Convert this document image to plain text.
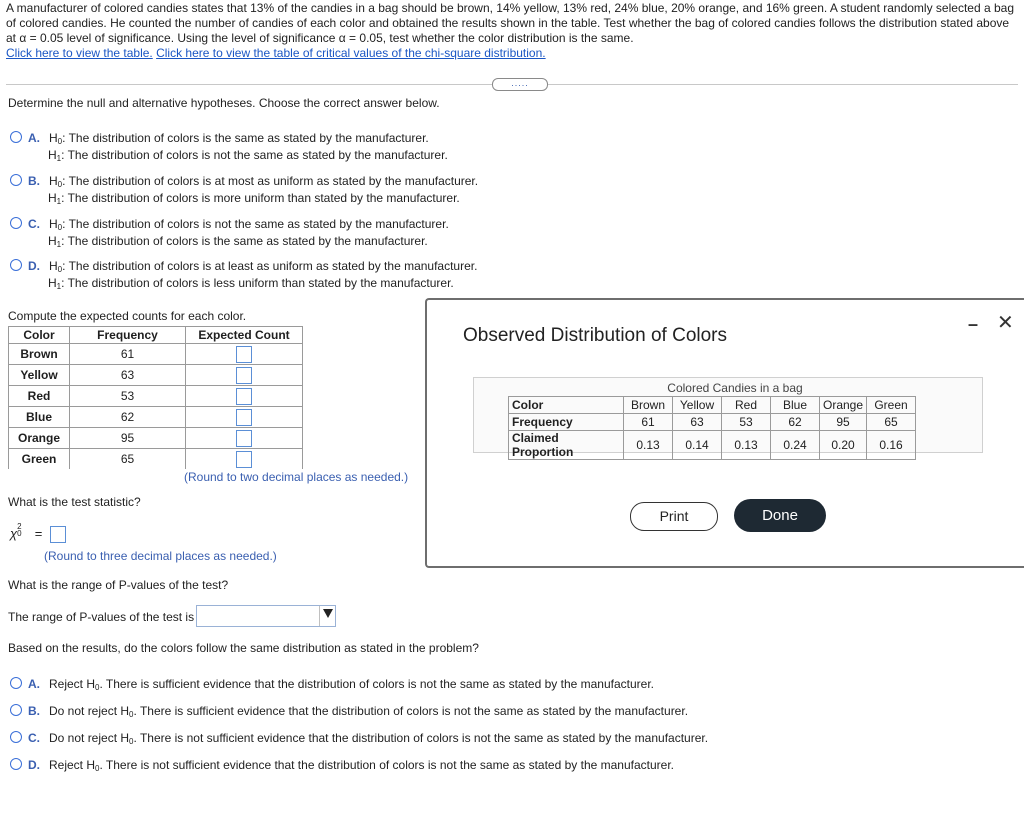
A manufacturer of colored candies states that 13% of the candies in a bag should be brown, 14% yellow, 13% red, 24% blue, 20% orange, and 16% green. A student randomly selected a bag of colored candies. He counted the number of candies of each color and obtained the results shown in the table. Test whether the bag of colored candies follows the distribution stated above at α = 0.05 level of significance. Using the level of significance α = 0.05, test whether the color distribution is the same.
Click here to view the table. Click here to view the table of critical values of the chi-square distribution.
.....
Determine the null and alternative hypotheses. Choose the correct answer below.
A. $H_0$: The distribution of colors is the same as stated by the manufacturer.
$H_1$: The distribution of colors is not the same as stated by the manufacturer.
B. $H_0$: The distribution of colors is at most as uniform as stated by the manufacturer.
$H_1$: The distribution of colors is more uniform than stated by the manufacturer.
C. $H_0$: The distribution of colors is not the same as stated by the manufacturer.
$H_1$: The distribution of colors is the same as stated by the manufacturer.
D. $H_0$: The distribution of colors is at least as uniform as stated by the manufacturer.
$H_1$: The distribution of colors is less uniform than stated by the manufacturer.
Compute the expected counts for each color.
Color	Frequency	Expected Count
Brown	61	
Yellow	63	
Red	53	
Blue	62	
Orange	95	
Green	65	

(Round to two decimal places as needed.)
What is the test statistic?
χ 0
2 =
(Round to three decimal places as needed.)
What is the range of P-values of the test?
The range of P-values of the test is
Based on the results, do the colors follow the same distribution as stated in the problem?
A. Reject $H_0$. There is sufficient evidence that the distribution of colors is not the same as stated by the manufacturer.
B. Do not reject $H_0$. There is sufficient evidence that the distribution of colors is not the same as stated by the manufacturer.
C. Do not reject $H_0$. There is not sufficient evidence that the distribution of colors is not the same as stated by the manufacturer.
D. Reject $H_0$. There is not sufficient evidence that the distribution of colors is not the same as stated by the manufacturer.
Observed Distribution of Colors
– ✕
Colored Candies in a bag
Color	Brown	Yellow	Red	Blue	Orange	Green
Frequency	61	63	53	62	95	65
Claimed Proportion	0.13	0.14	0.13	0.24	0.20	0.16
Print	Done
